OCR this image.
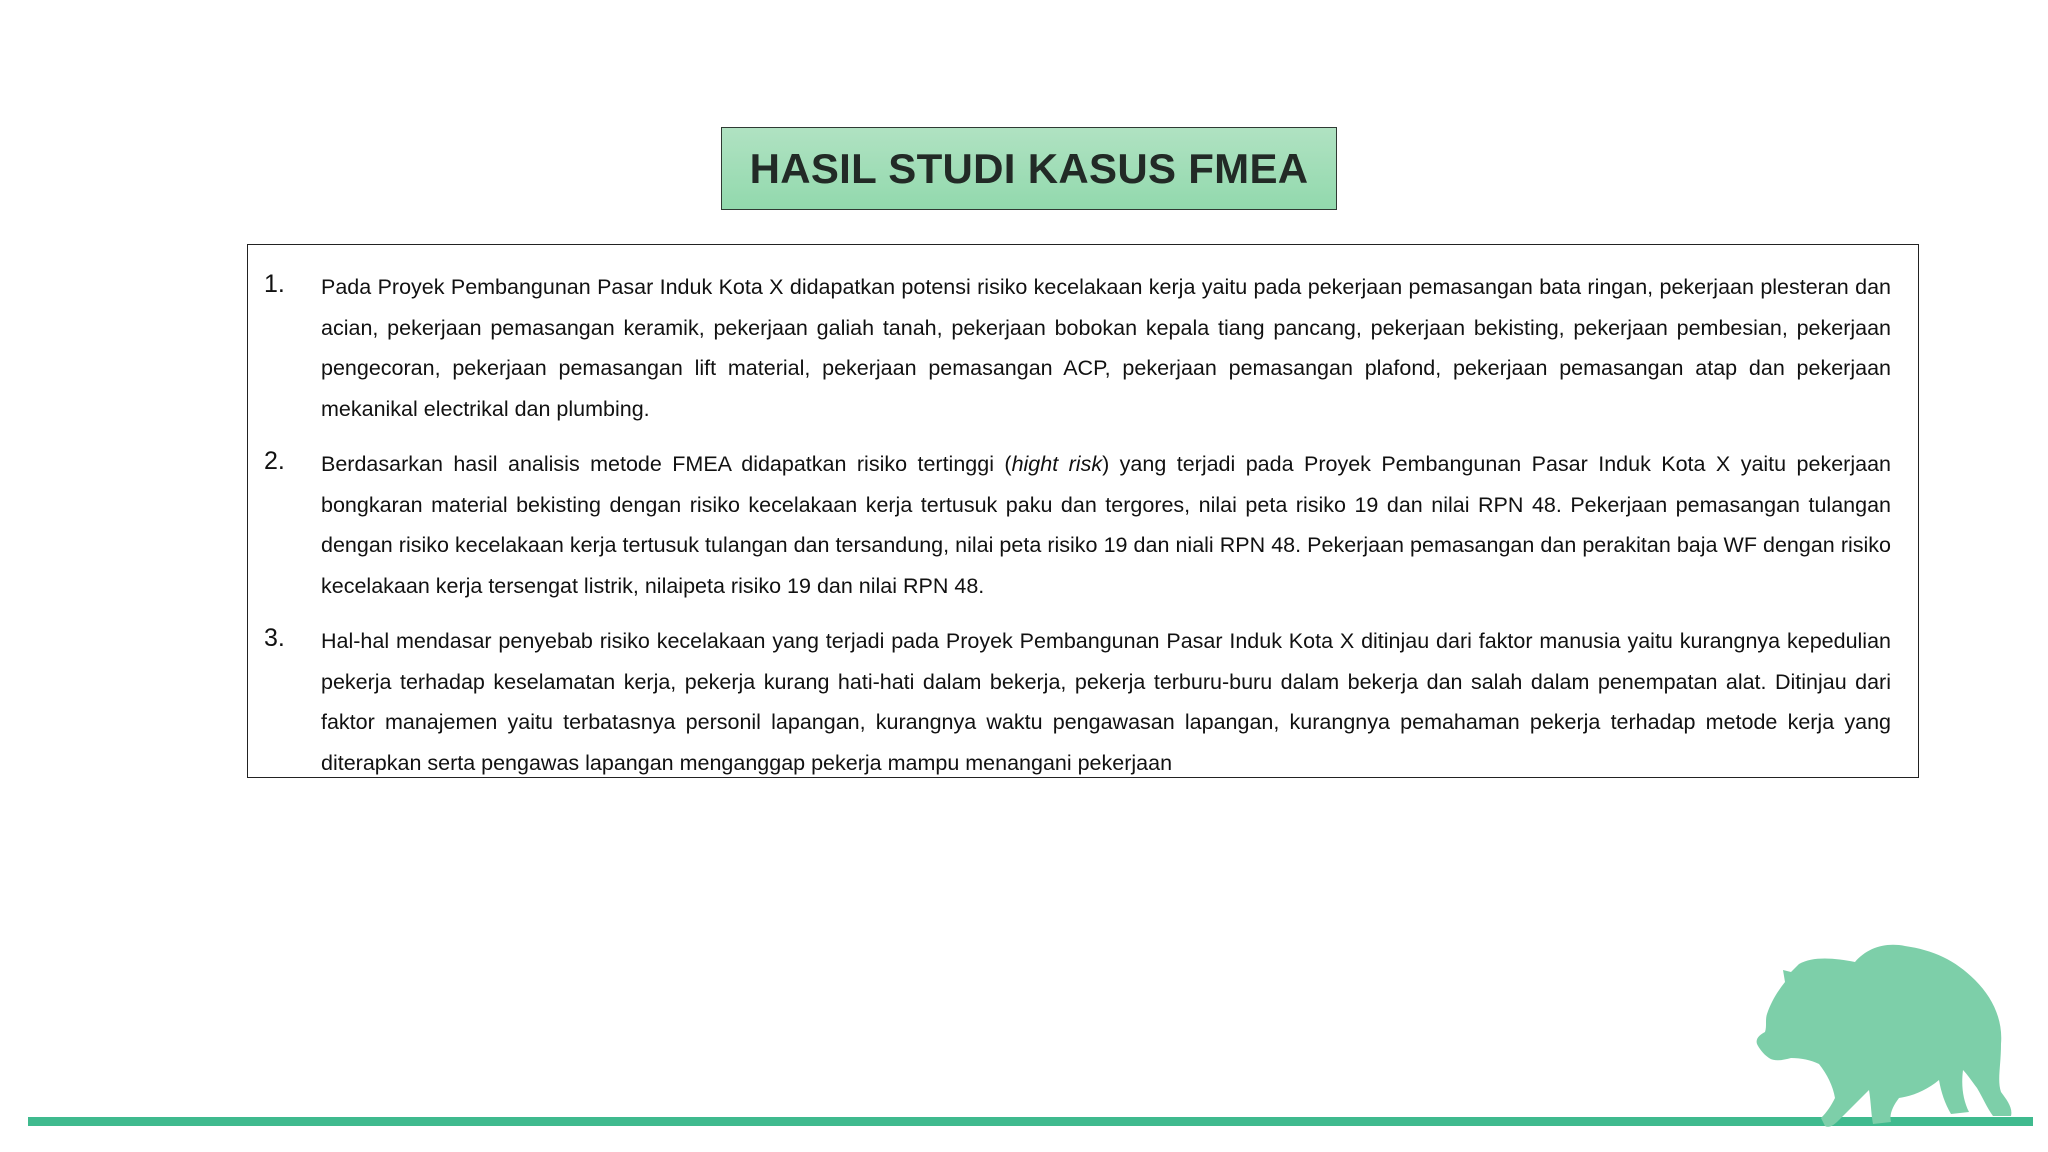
HASIL STUDI KASUS FMEA
1. Pada Proyek Pembangunan Pasar Induk Kota X didapatkan potensi risiko kecelakaan kerja yaitu pada pekerjaan pemasangan bata ringan, pekerjaan plesteran dan acian, pekerjaan pemasangan keramik, pekerjaan galiah tanah, pekerjaan bobokan kepala tiang pancang, pekerjaan bekisting, pekerjaan pembesian, pekerjaan pengecoran, pekerjaan pemasangan lift material, pekerjaan pemasangan ACP, pekerjaan pemasangan plafond, pekerjaan pemasangan atap dan pekerjaan mekanikal electrikal dan plumbing.
2. Berdasarkan hasil analisis metode FMEA didapatkan risiko tertinggi (hight risk) yang terjadi pada Proyek Pembangunan Pasar Induk Kota X yaitu pekerjaan bongkaran material bekisting dengan risiko kecelakaan kerja tertusuk paku dan tergores, nilai peta risiko 19 dan nilai RPN 48. Pekerjaan pemasangan tulangan dengan risiko kecelakaan kerja tertusuk tulangan dan tersandung, nilai peta risiko 19 dan niali RPN 48. Pekerjaan pemasangan dan perakitan baja WF dengan risiko kecelakaan kerja tersengat listrik, nilaipeta risiko 19 dan nilai RPN 48.
3. Hal-hal mendasar penyebab risiko kecelakaan yang terjadi pada Proyek Pembangunan Pasar Induk Kota X ditinjau dari faktor manusia yaitu kurangnya kepedulian pekerja terhadap keselamatan kerja, pekerja kurang hati-hati dalam bekerja, pekerja terburu-buru dalam bekerja dan salah dalam penempatan alat. Ditinjau dari faktor manajemen yaitu terbatasnya personil lapangan, kurangnya waktu pengawasan lapangan, kurangnya pemahaman pekerja terhadap metode kerja yang diterapkan serta pengawas lapangan menganggap pekerja mampu menangani pekerjaan
